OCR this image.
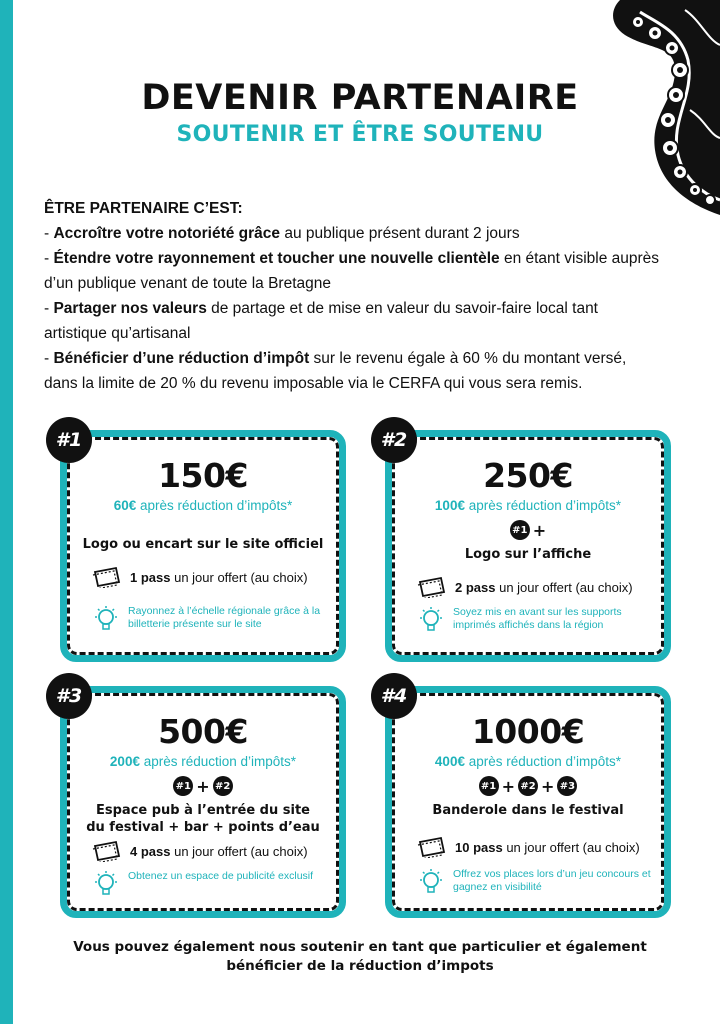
DEVENIR PARTENAIRE
SOUTENIR ET ÊTRE SOUTENU

ÊTRE PARTENAIRE C’EST:

- Accroître votre notoriété grâce au publique présent durant 2 jours

- Étendre votre rayonnement et toucher une nouvelle clientèle en étant visible auprès d’un publique venant de toute la Bretagne

- Partager nos valeurs de partage et de mise en valeur du savoir-faire local tant artistique qu’artisanal

- Bénéficier d’une réduction d’impôt sur le revenu égale à 60 % du montant versé, dans la limite de 20 % du revenu imposable via le CERFA qui vous sera remis.

150€
60€ après réduction d’impôts*
Logo ou encart sur le site officiel
1 pass un jour offert (au choix)
Rayonnez à l’échelle régionale grâce à la billetterie présente sur le site
#1
250€
100€ après réduction d’impôts*
#1 +
Logo sur l’affiche
2 pass un jour offert (au choix)
Soyez mis en avant sur les supports imprimés affichés dans la région
#2
500€
200€ après réduction d’impôts*
#1 + #2
Espace pub à l’entrée du site
du festival + bar + points d’eau
4 pass un jour offert (au choix)
Obtenez un espace de publicité exclusif
#3
1000€
400€ après réduction d’impôts*
#1 + #2 + #3
Banderole dans le festival
10 pass un jour offert (au choix)
Offrez vos places lors d’un jeu concours et gagnez en visibilité
#4
Vous pouvez également nous soutenir en tant que particulier et également
bénéficier de la réduction d’impots
